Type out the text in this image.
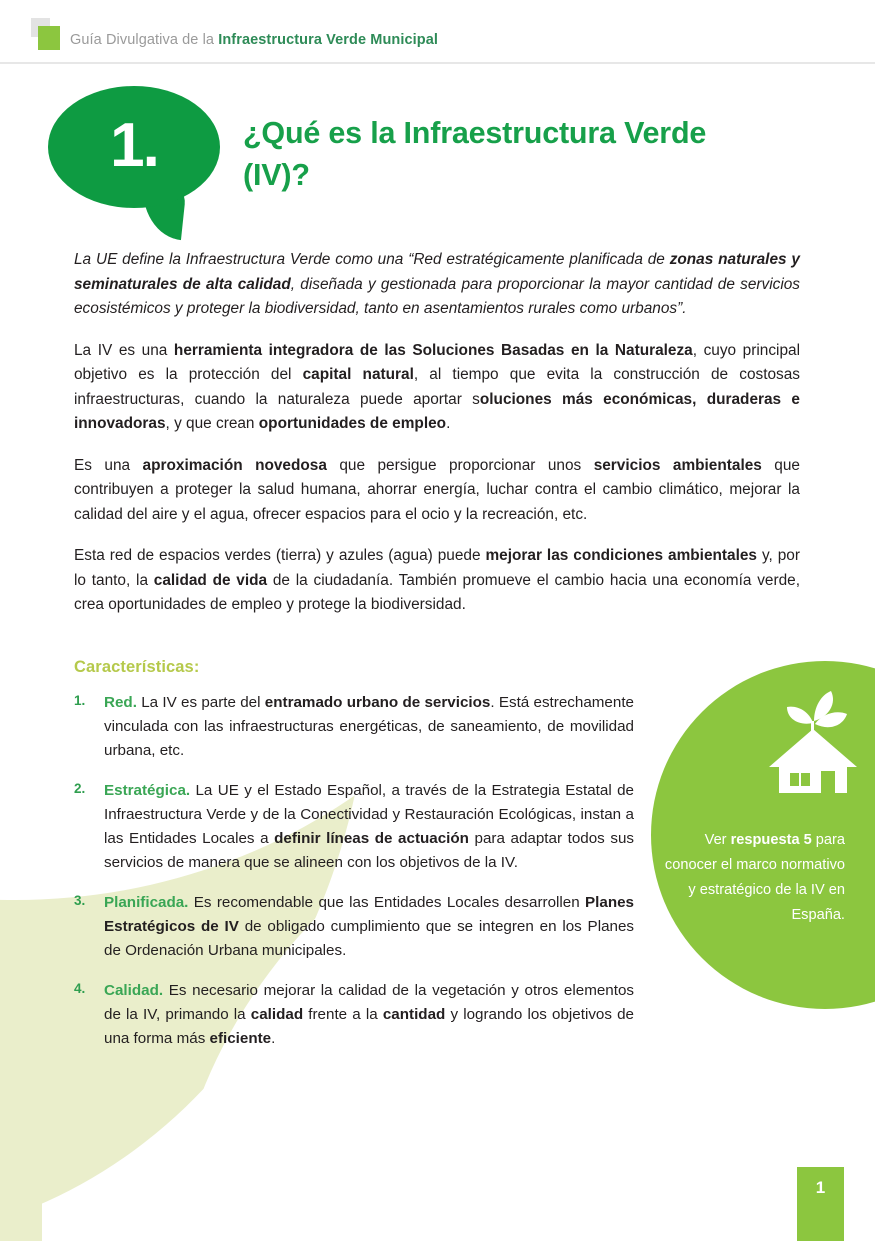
Guía Divulgativa de la Infraestructura Verde Municipal
1.	¿Qué es la Infraestructura Verde (IV)?

La UE define la Infraestructura Verde como una “Red estratégicamente planificada de zonas naturales y seminaturales de alta calidad, diseñada y gestionada para proporcionar la mayor cantidad de servicios ecosistémicos y proteger la biodiversidad, tanto en asentamientos rurales como urbanos”.

La IV es una herramienta integradora de las Soluciones Basadas en la Naturaleza, cuyo principal objetivo es la protección del capital natural, al tiempo que evita la construcción de costosas infraestructuras, cuando la naturaleza puede aportar soluciones más económicas, duraderas e innovadoras, y que crean oportunidades de empleo.

Es una aproximación novedosa que persigue proporcionar unos servicios ambientales que contribuyen a proteger la salud humana, ahorrar energía, luchar contra el cambio climático, mejorar la calidad del aire y el agua, ofrecer espacios para el ocio y la recreación, etc.

Esta red de espacios verdes (tierra) y azules (agua) puede mejorar las condiciones ambientales y, por lo tanto, la calidad de vida de la ciudadanía. También promueve el cambio hacia una economía verde, crea oportunidades de empleo y protege la biodiversidad.

Características:
1.	Red. La IV es parte del entramado urbano de servicios. Está estrechamente vinculada con las infraestructuras energéticas, de saneamiento, de movilidad urbana, etc.
2.	Estratégica. La UE y el Estado Español, a través de la Estrategia Estatal de Infraestructura Verde y de la Conectividad y Restauración Ecológicas, instan a las Entidades Locales a definir líneas de actuación para adaptar todos sus servicios de manera que se alineen con los objetivos de la IV.
3.	Planificada. Es recomendable que las Entidades Locales desarrollen Planes Estratégicos de IV de obligado cumplimiento que se integren en los Planes de Ordenación Urbana municipales.
4.	Calidad. Es necesario mejorar la calidad de la vegetación y otros elementos de la IV, primando la calidad frente a la cantidad y logrando los objetivos de una forma más eficiente.
Ver respuesta 5 para conocer el marco normativo y estratégico de la IV en España.
1
